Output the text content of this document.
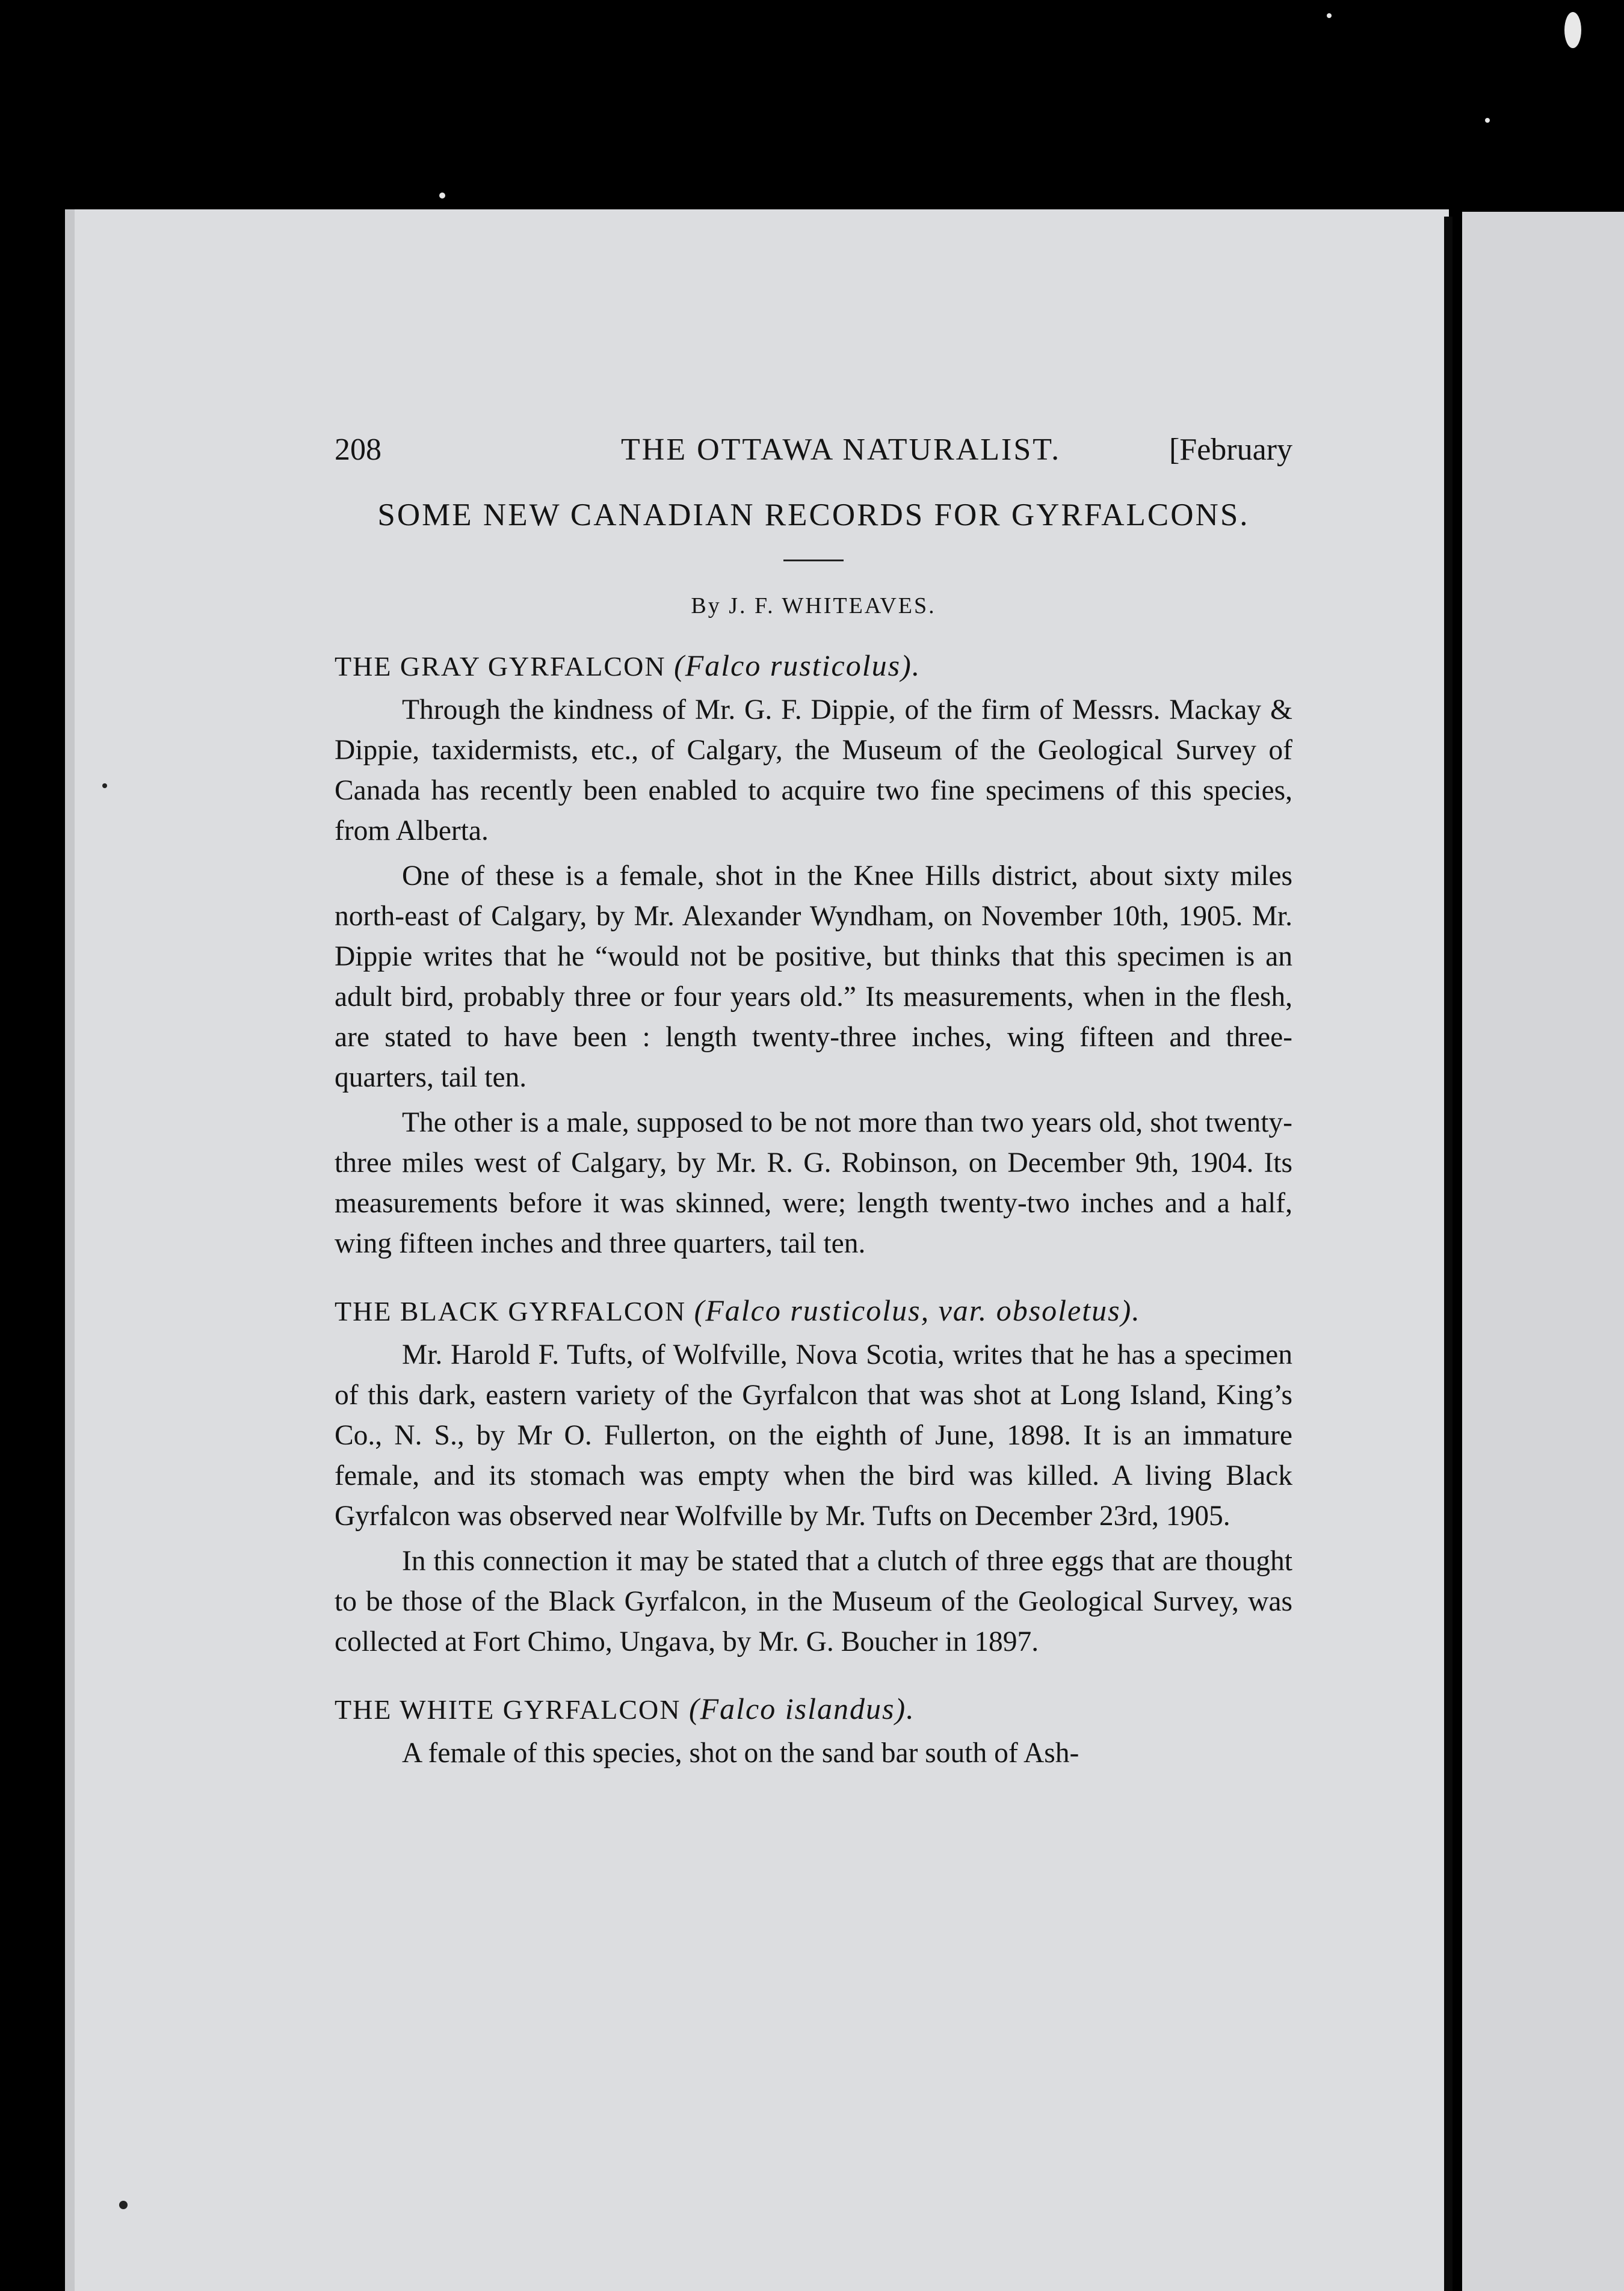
208	THE OTTAWA NATURALIST.	[February
SOME NEW CANADIAN RECORDS FOR GYRFALCONS.
By J. F. WHITEAVES.
THE GRAY GYRFALCON (Falco rusticolus).

Through the kindness of Mr. G. F. Dippie, of the firm of Messrs. Mackay & Dippie, taxidermists, etc., of Calgary, the Museum of the Geological Survey of Canada has recently been enabled to acquire two fine specimens of this species, from Alberta.

One of these is a female, shot in the Knee Hills district, about sixty miles north-east of Calgary, by Mr. Alexander Wyndham, on November 10th, 1905. Mr. Dippie writes that he “would not be positive, but thinks that this specimen is an adult bird, probably three or four years old.” Its measurements, when in the flesh, are stated to have been : length twenty-three inches, wing fifteen and three-quarters, tail ten.

The other is a male, supposed to be not more than two years old, shot twenty-three miles west of Calgary, by Mr. R. G. Robinson, on December 9th, 1904. Its measurements before it was skinned, were; length twenty-two inches and a half, wing fifteen inches and three quarters, tail ten.

THE BLACK GYRFALCON (Falco rusticolus, var. obsoletus).

Mr. Harold F. Tufts, of Wolfville, Nova Scotia, writes that he has a specimen of this dark, eastern variety of the Gyrfalcon that was shot at Long Island, King’s Co., N. S., by Mr O. Fullerton, on the eighth of June, 1898. It is an immature female, and its stomach was empty when the bird was killed. A living Black Gyrfalcon was observed near Wolfville by Mr. Tufts on December 23rd, 1905.

In this connection it may be stated that a clutch of three eggs that are thought to be those of the Black Gyrfalcon, in the Museum of the Geological Survey, was collected at Fort Chimo, Ungava, by Mr. G. Boucher in 1897.

THE WHITE GYRFALCON (Falco islandus).

A female of this species, shot on the sand bar south of Ash-
